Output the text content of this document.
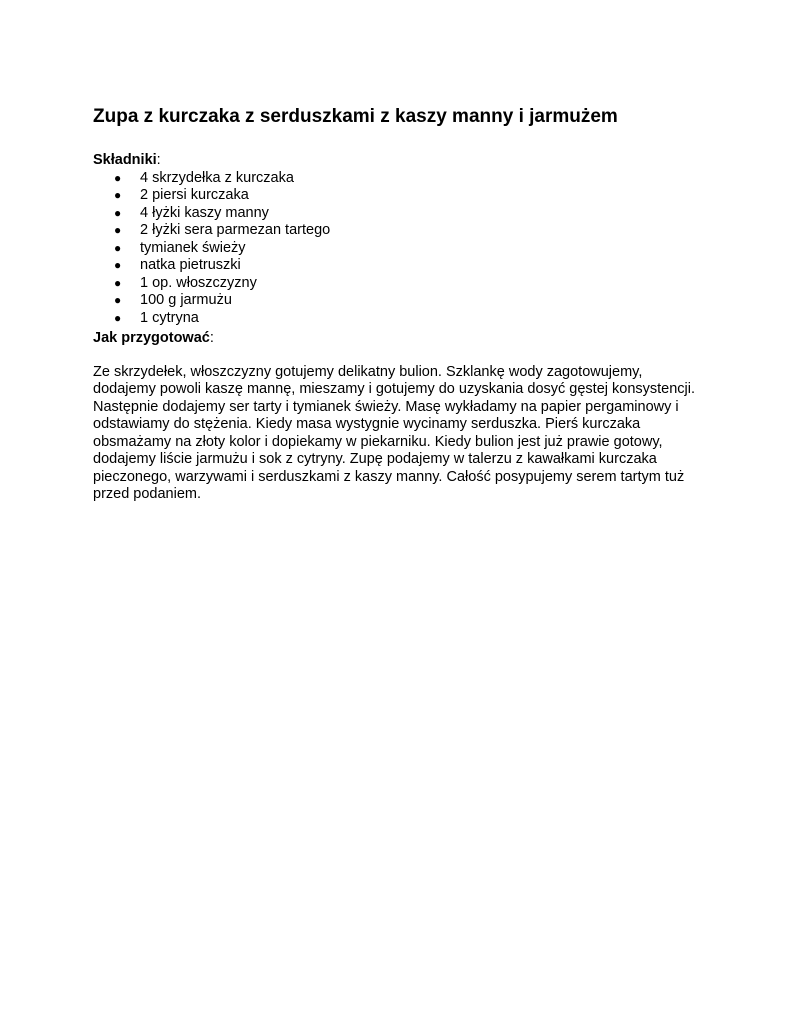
Zupa z kurczaka z serduszkami z kaszy manny i jarmużem

Składniki:

● 4 skrzydełka z kurczaka
● 2 piersi kurczaka
● 4 łyżki kaszy manny
● 2 łyżki sera parmezan tartego
● tymianek świeży
● natka pietruszki
● 1 op. włoszczyzny
● 100 g jarmużu
● 1 cytryna

Jak przygotować:

Ze skrzydełek, włoszczyzny gotujemy delikatny bulion. Szklankę wody zagotowujemy, dodajemy powoli kaszę mannę, mieszamy i gotujemy do uzyskania dosyć gęstej konsystencji. Następnie dodajemy ser tarty i tymianek świeży. Masę wykładamy na papier pergaminowy i odstawiamy do stężenia. Kiedy masa wystygnie wycinamy serduszka. Pierś kurczaka obsmażamy na złoty kolor i dopiekamy w piekarniku. Kiedy bulion jest już prawie gotowy, dodajemy liście jarmużu i sok z cytryny. Zupę podajemy w talerzu z kawałkami kurczaka pieczonego, warzywami i serduszkami z kaszy manny. Całość posypujemy serem tartym tuż przed podaniem.
